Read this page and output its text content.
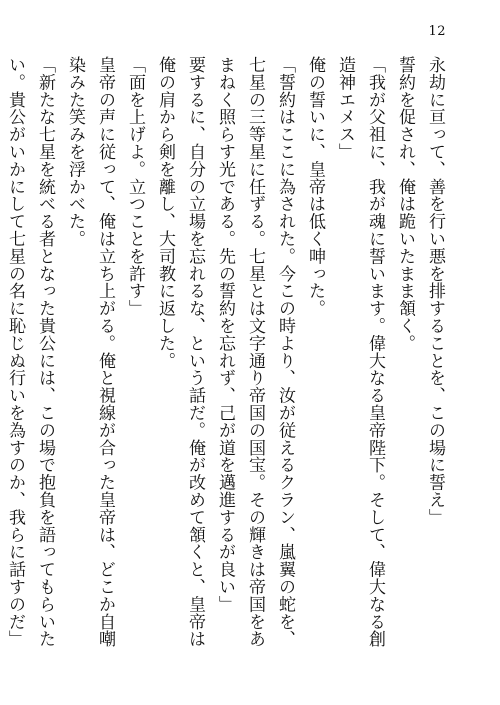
12

永劫に亘って、善を行い悪を排することを、この場に誓え」

誓約を促され、俺は跪いたまま頷く。

「我が父祖に、我が魂に誓います。偉大なる皇帝陛下。そして、偉大なる創造神エメス」

俺の誓いに、皇帝は低く呻った。

「誓約はここに為された。今この時より、汝が従えるクラン、嵐翼の蛇を、七星の三等星に任ずる。七星とは文字通り帝国の国宝。その輝きは帝国をあまねく照らす光である。先の誓約を忘れず、己が道を邁進するが良い」

要するに、自分の立場を忘れるな、という話だ。俺が改めて頷くと、皇帝は俺の肩から剣を離し、大司教に返した。

「面を上げよ。立つことを許す」

皇帝の声に従って、俺は立ち上がる。俺と視線が合った皇帝は、どこか自嘲染みた笑みを浮かべた。

「新たな七星を統べる者となった貴公には、この場で抱負を語ってもらいたい。貴公がいかにして七星の名に恥じぬ行いを為すのか、我らに話すのだ」
